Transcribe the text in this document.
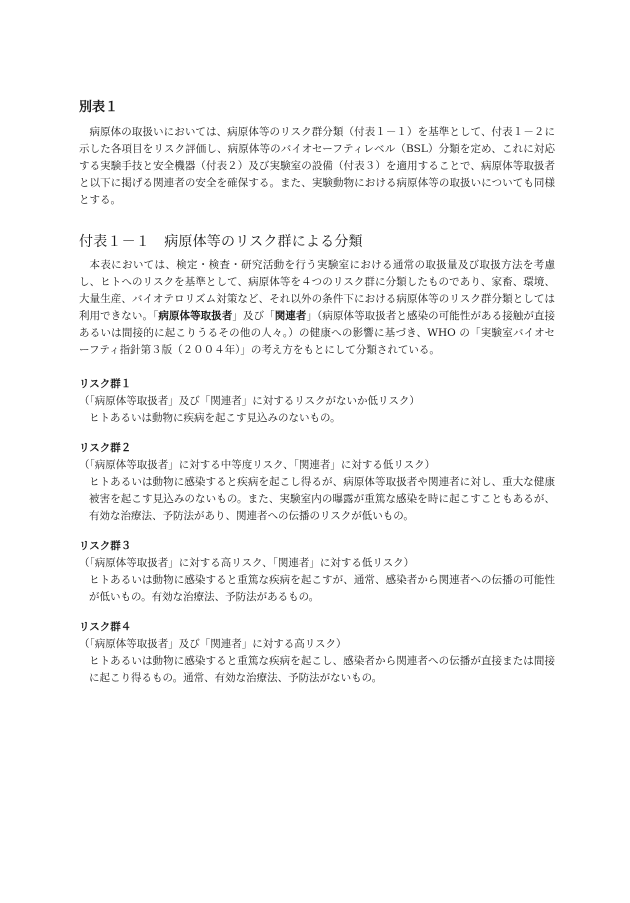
別表１

病原体の取扱いにおいては、病原体等のリスク群分類（付表１－１）を基準として、付表１－２に示した各項目をリスク評価し、病原体等のバイオセーフティレベル（BSL）分類を定め、これに対応する実験手技と安全機器（付表２）及び実験室の設備（付表３）を適用することで、病原体等取扱者と以下に掲げる関連者の安全を確保する。また、実験動物における病原体等の取扱いについても同様とする。

付表１－１　病原体等のリスク群による分類

本表においては、検定・検査・研究活動を行う実験室における通常の取扱量及び取扱方法を考慮し、ヒトへのリスクを基準として、病原体等を４つのリスク群に分類したものであり、家畜、環境、大量生産、バイオテロリズム対策など、それ以外の条件下における病原体等のリスク群分類としては利用できない。「病原体等取扱者」及び「関連者」（病原体等取扱者と感染の可能性がある接触が直接あるいは間接的に起こりうるその他の人々。）の健康への影響に基づき、WHO の「実験室バイオセーフティ指針第３版（２００４年）」の考え方をもとにして分類されている。

リスク群１

（「病原体等取扱者」及び「関連者」に対するリスクがないか低リスク）

ヒトあるいは動物に疾病を起こす見込みのないもの。

リスク群２

（「病原体等取扱者」に対する中等度リスク、「関連者」に対する低リスク）

ヒトあるいは動物に感染すると疾病を起こし得るが、病原体等取扱者や関連者に対し、重大な健康被害を起こす見込みのないもの。また、実験室内の曝露が重篤な感染を時に起こすこともあるが、有効な治療法、予防法があり、関連者への伝播のリスクが低いもの。

リスク群３

（「病原体等取扱者」に対する高リスク、「関連者」に対する低リスク）

ヒトあるいは動物に感染すると重篤な疾病を起こすが、通常、感染者から関連者への伝播の可能性が低いもの。有効な治療法、予防法があるもの。

リスク群４

（「病原体等取扱者」及び「関連者」に対する高リスク）

ヒトあるいは動物に感染すると重篤な疾病を起こし、感染者から関連者への伝播が直接または間接に起こり得るもの。通常、有効な治療法、予防法がないもの。
